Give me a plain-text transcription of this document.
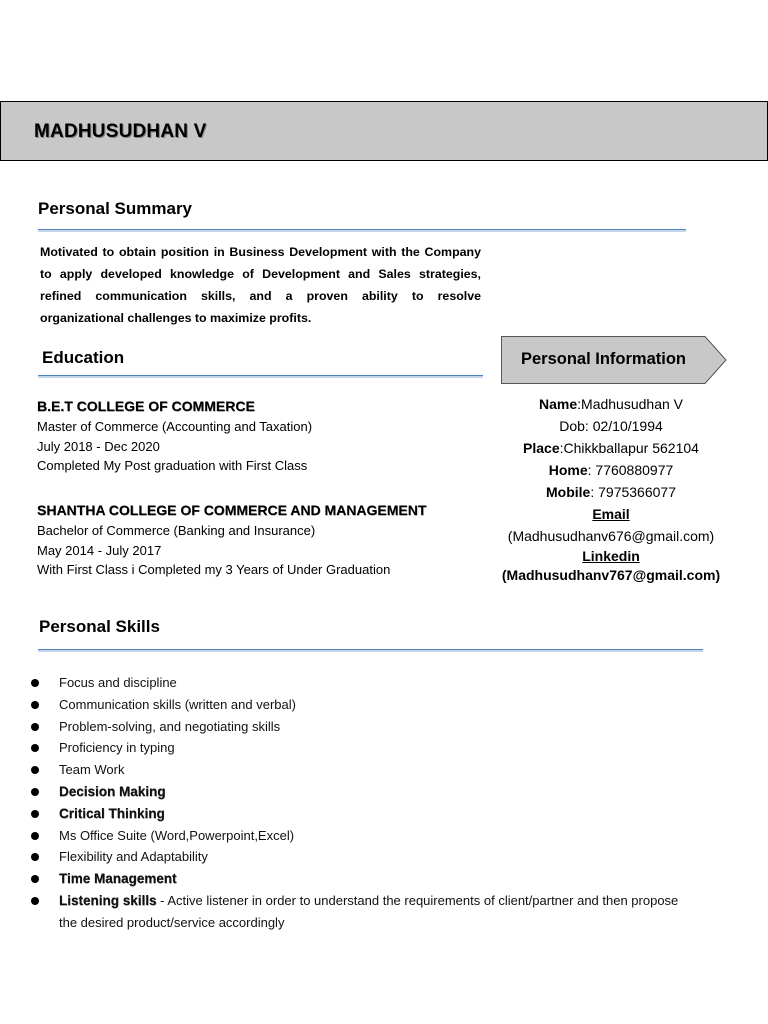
MADHUSUDHAN V
Personal Summary
Motivated to obtain position in Business Development with the Company to apply developed knowledge of Development and Sales strategies, refined communication skills, and a proven ability to resolve organizational challenges to maximize profits.
Education
B.E.T COLLEGE OF COMMERCE
Master of Commerce (Accounting and Taxation)
July 2018 - Dec 2020
Completed My Post graduation with First Class
SHANTHA COLLEGE OF COMMERCE AND MANAGEMENT
Bachelor of Commerce (Banking and Insurance)
May 2014 - July 2017
With First Class i Completed my 3 Years of Under Graduation
Personal Information
Name:Madhusudhan V
Dob: 02/10/1994
Place:Chikkballapur 562104
Home: 7760880977
Mobile: 7975366077
Email
(Madhusudhanv676@gmail.com)
Linkedin
(Madhusudhanv767@gmail.com)
Personal Skills
Focus and discipline
Communication skills (written and verbal)
Problem-solving, and negotiating skills
Proficiency in typing
Team Work
Decision Making
Critical Thinking
Ms Office Suite (Word,Powerpoint,Excel)
Flexibility and Adaptability
Time Management
Listening skills - Active listener in order to understand the requirements of client/partner and then propose the desired product/service accordingly
